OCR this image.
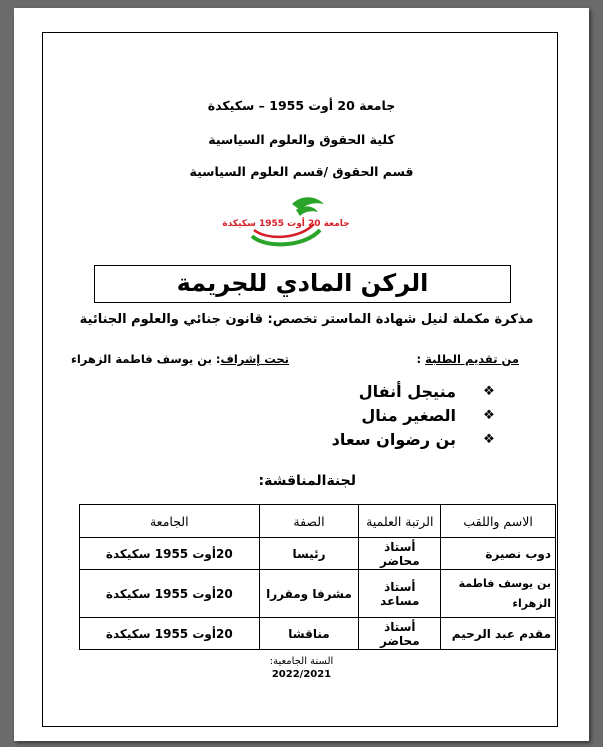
جامعة 20 أوت 1955 – سكيكدة
كلية الحقوق والعلوم السياسية
قسم الحقوق /قسم العلوم السياسية
جامعة 20 أوت 1955 سكيكدة
الركن المادي للجريمة
مذكرة مكملة لنيل شهادة الماستر تخصص: قانون جنائي والعلوم الجنائية
من تقديم الطلبة :
تحت إشراف: بن يوسف فاطمة الزهراء
❖
منيجل أنفال
❖
الصغير منال
❖
بن رضوان سعاد
لجنةالمناقشة:
الاسم واللقب	الرتبة العلمية	الصفة	الجامعة
دوب نصيرة	أستاذ محاضر	رئيسا	20أوت 1955 سكيكدة
بن يوسف فاطمة الزهراء	أستاذ مساعد	مشرفا ومقررا	20أوت 1955 سكيكدة
مقدم عبد الرحيم	أستاذ محاضر	مناقشا	20أوت 1955 سكيكدة
السنة الجامعية:
2022/2021
